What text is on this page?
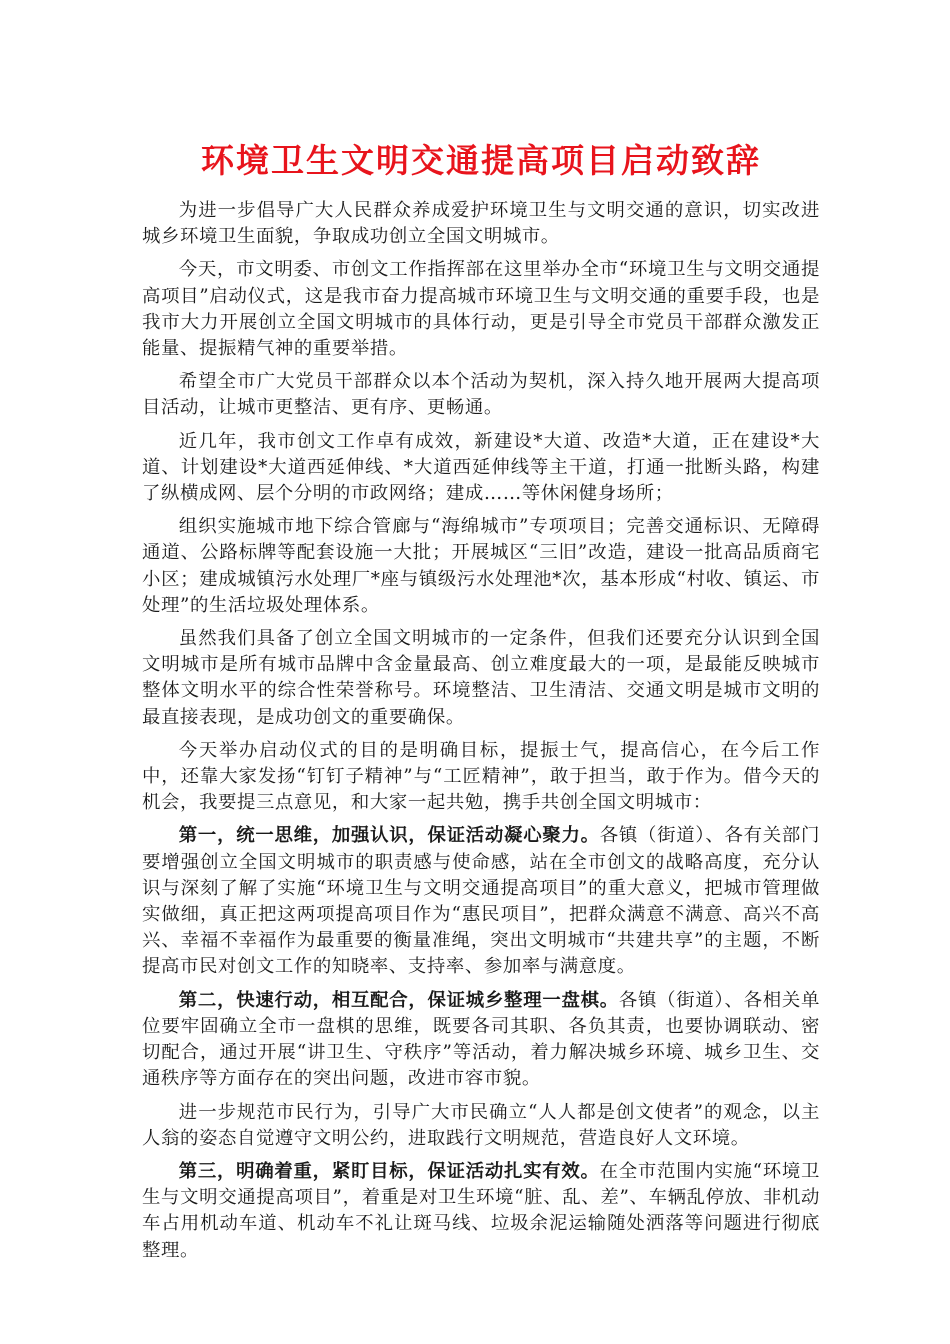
环境卫生文明交通提高项目启动致辞

为进一步倡导广大人民群众养成爱护环境卫生与文明交通的意识，切实改进城乡环境卫生面貌，争取成功创立全国文明城市。

今天，市文明委、市创文工作指挥部在这里举办全市“环境卫生与文明交通提高项目”启动仪式，这是我市奋力提高城市环境卫生与文明交通的重要手段，也是我市大力开展创立全国文明城市的具体行动，更是引导全市党员干部群众激发正能量、提振精气神的重要举措。

希望全市广大党员干部群众以本个活动为契机，深入持久地开展两大提高项目活动，让城市更整洁、更有序、更畅通。

近几年，我市创文工作卓有成效，新建设*大道、改造*大道，正在建设*大道、计划建设*大道西延伸线、*大道西延伸线等主干道，打通一批断头路，构建了纵横成网、层个分明的市政网络；建成……等休闲健身场所；

组织实施城市地下综合管廊与“海绵城市”专项项目；完善交通标识、无障碍通道、公路标牌等配套设施一大批；开展城区“三旧”改造，建设一批高品质商宅小区；建成城镇污水处理厂*座与镇级污水处理池*次，基本形成“村收、镇运、市处理”的生活垃圾处理体系。

虽然我们具备了创立全国文明城市的一定条件，但我们还要充分认识到全国文明城市是所有城市品牌中含金量最高、创立难度最大的一项，是最能反映城市整体文明水平的综合性荣誉称号。环境整洁、卫生清洁、交通文明是城市文明的最直接表现，是成功创文的重要确保。

今天举办启动仪式的目的是明确目标，提振士气，提高信心，在今后工作中，还靠大家发扬“钉钉子精神”与“工匠精神”，敢于担当，敢于作为。借今天的机会，我要提三点意见，和大家一起共勉，携手共创全国文明城市：

第一，统一思维，加强认识，保证活动凝心聚力。各镇（街道）、各有关部门要增强创立全国文明城市的职责感与使命感，站在全市创文的战略高度，充分认识与深刻了解了实施“环境卫生与文明交通提高项目”的重大意义，把城市管理做实做细，真正把这两项提高项目作为“惠民项目”，把群众满意不满意、高兴不高兴、幸福不幸福作为最重要的衡量准绳，突出文明城市“共建共享”的主题，不断提高市民对创文工作的知晓率、支持率、参加率与满意度。

第二，快速行动，相互配合，保证城乡整理一盘棋。各镇（街道）、各相关单位要牢固确立全市一盘棋的思维，既要各司其职、各负其责，也要协调联动、密切配合，通过开展“讲卫生、守秩序”等活动，着力解决城乡环境、城乡卫生、交通秩序等方面存在的突出问题，改进市容市貌。

进一步规范市民行为，引导广大市民确立“人人都是创文使者”的观念，以主人翁的姿态自觉遵守文明公约，进取践行文明规范，营造良好人文环境。

第三，明确着重，紧盯目标，保证活动扎实有效。在全市范围内实施“环境卫生与文明交通提高项目”，着重是对卫生环境“脏、乱、差”、车辆乱停放、非机动车占用机动车道、机动车不礼让斑马线、垃圾余泥运输随处洒落等问题进行彻底整理。
